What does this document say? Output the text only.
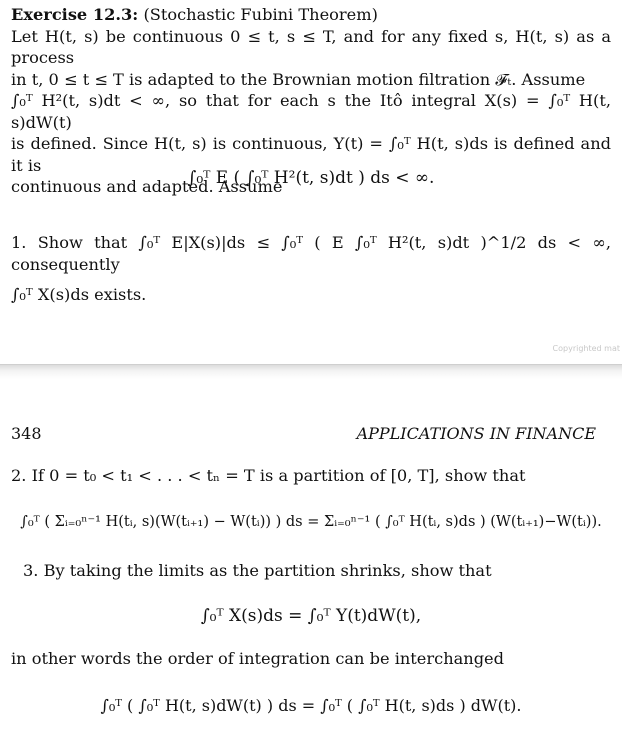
Exercise 12.3: (Stochastic Fubini Theorem)
Let H(t, s) be continuous 0 ≤ t, s ≤ T, and for any fixed s, H(t, s) as a process
in t, 0 ≤ t ≤ T is adapted to the Brownian motion filtration 𝓕ₜ. Assume
∫₀ᵀ H²(t, s)dt < ∞, so that for each s the Itô integral X(s) = ∫₀ᵀ H(t, s)dW(t)
is defined. Since H(t, s) is continuous, Y(t) = ∫₀ᵀ H(t, s)ds is defined and it is
continuous and adapted. Assume
∫₀ᵀ E ( ∫₀ᵀ H²(t, s)dt ) ds < ∞.
1. Show that ∫₀ᵀ E|X(s)|ds ≤ ∫₀ᵀ ( E ∫₀ᵀ H²(t, s)dt )^1/2 ds < ∞, consequently
∫₀ᵀ X(s)ds exists.
Copyrighted mat
348	APPLICATIONS IN FINANCE
2. If 0 = t₀ < t₁ < . . . < tₙ = T is a partition of [0, T], show that
∫₀ᵀ ( Σᵢ₌₀ⁿ⁻¹ H(tᵢ, s)(W(tᵢ₊₁) − W(tᵢ)) ) ds = Σᵢ₌₀ⁿ⁻¹ ( ∫₀ᵀ H(tᵢ, s)ds ) (W(tᵢ₊₁)−W(tᵢ)).
3. By taking the limits as the partition shrinks, show that
∫₀ᵀ X(s)ds = ∫₀ᵀ Y(t)dW(t),
in other words the order of integration can be interchanged
∫₀ᵀ ( ∫₀ᵀ H(t, s)dW(t) ) ds = ∫₀ᵀ ( ∫₀ᵀ H(t, s)ds ) dW(t).
